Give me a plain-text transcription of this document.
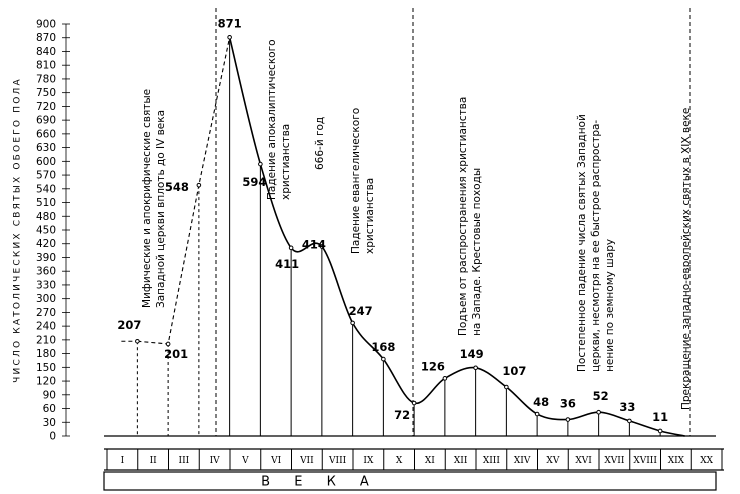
ЧИСЛО КАТОЛИЧЕСКИХ СВЯТЫХ ОБОЕГО ПОЛА
900
870
840
810
780
750
720
690
660
630
600
570
540
510
480
450
420
390
360
330
300
270
240
210
180
150
120
90
60
30
0
I	II III IV V VI VII VIII IX	X	XI XII XIII XIV XV XVI XVII XVIII XIX XX
207
201
548
871
594
411
414
247
168
72
126
149
107
48 36
52
33
11
Мифические и апокрифические святые Западной церкви вплоть до IV века	Падение апокалиптического христианства 666-й год Падение евангелического христианства	Подъем от распространения христианства на Западе. Крестовые походы	Постепенное падение числа святых Западной церкви, несмотря на ее быстрое распростра- нение по земному шару	Прекращение западно-европейских святых в XIX веке
В Е К А
